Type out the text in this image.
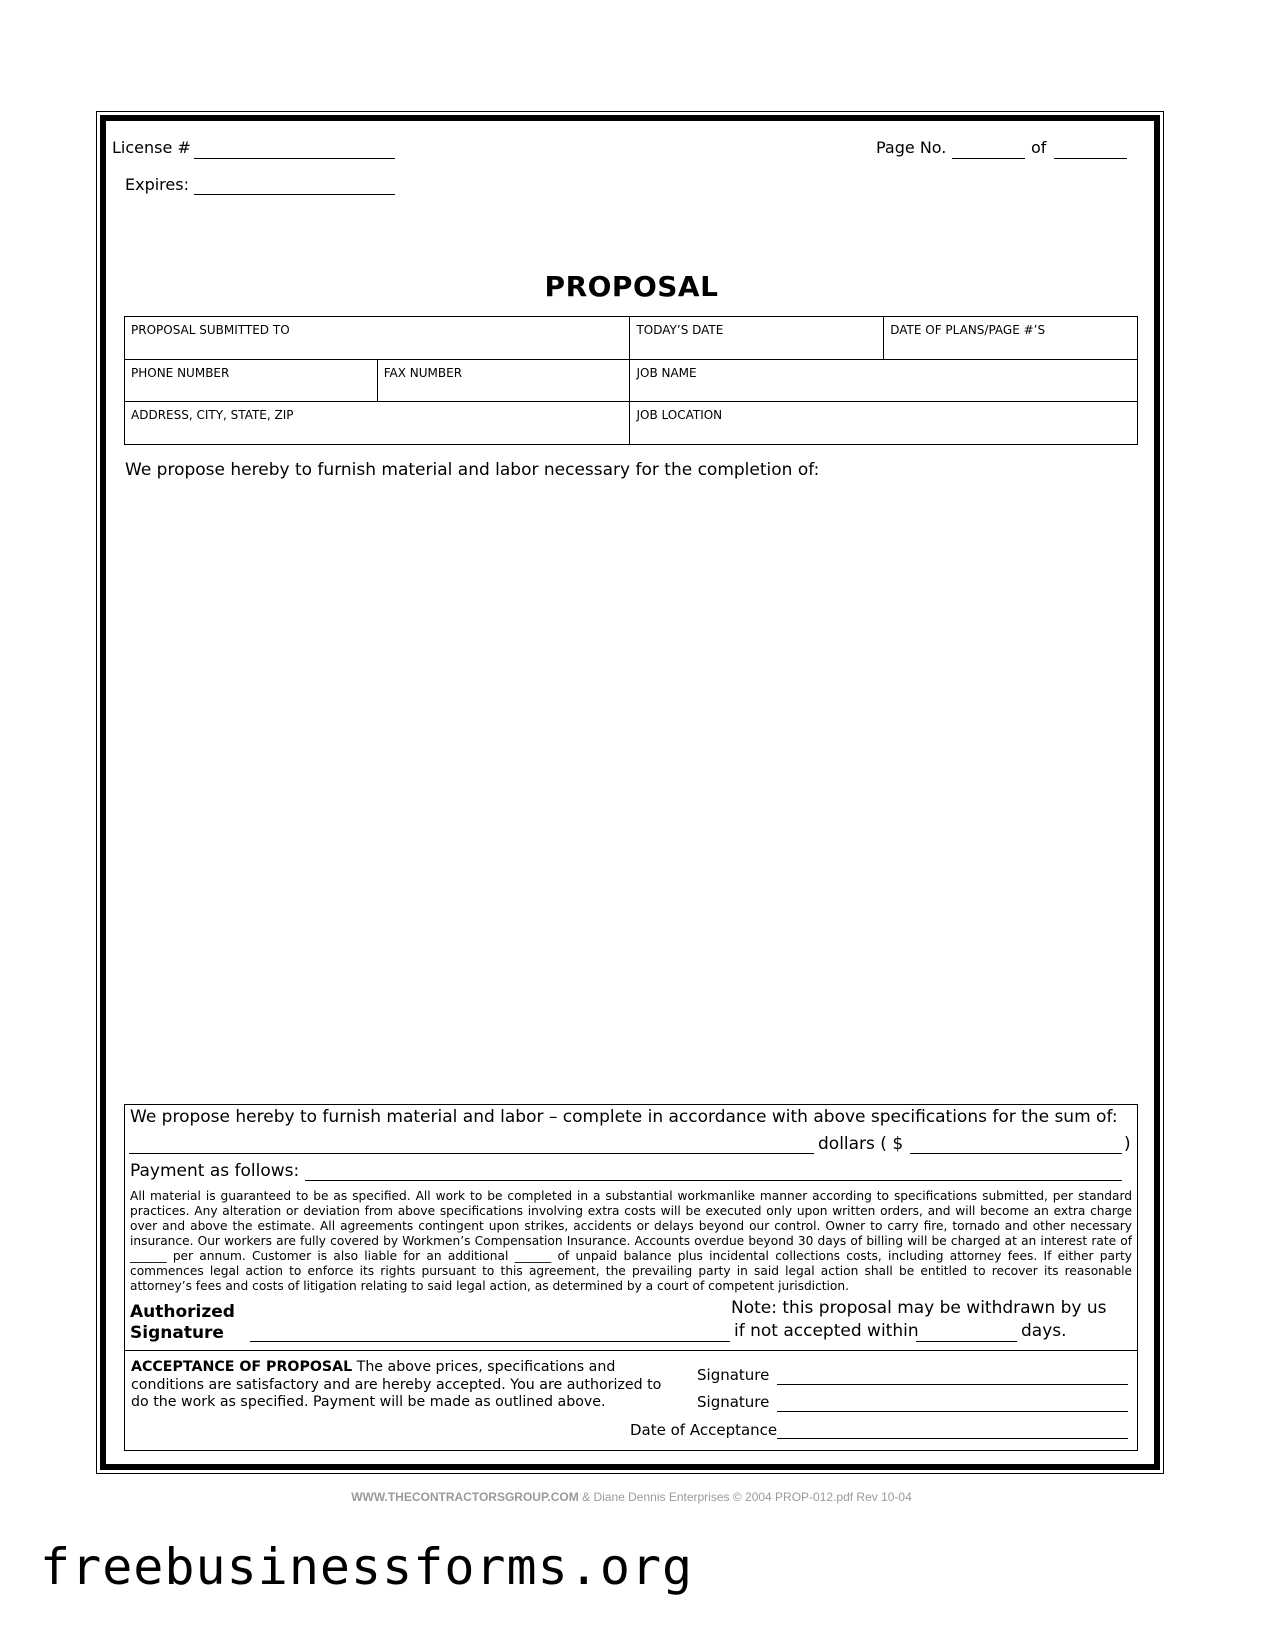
License #
Expires:
Page No.	of
PROPOSAL
PROPOSAL SUBMITTED TO		TODAY’S DATE	DATE OF PLANS/PAGE #’S
PHONE NUMBER	FAX NUMBER	JOB NAME	
ADDRESS, CITY, STATE, ZIP		JOB LOCATION	
We propose hereby to furnish material and labor necessary for the completion of:
We propose hereby to furnish material and labor – complete in accordance with above specifications for the sum of:
dollars ( $	)
Payment as follows:
All material is guaranteed to be as specified. All work to be completed in a substantial workmanlike manner according to specifications submitted, per standard practices. Any alteration or deviation from above specifications involving extra costs will be executed only upon written orders, and will become an extra charge over and above the estimate. All agreements contingent upon strikes, accidents or delays beyond our control. Owner to carry fire, tornado and other necessary insurance. Our workers are fully covered by Workmen’s Compensation Insurance. Accounts overdue beyond 30 days of billing will be charged at an interest rate of ______ per annum. Customer is also liable for an additional ______ of unpaid balance plus incidental collections costs, including attorney fees. If either party commences legal action to enforce its rights pursuant to this agreement, the prevailing party in said legal action shall be entitled to recover its reasonable attorney’s fees and costs of litigation relating to said legal action, as determined by a court of competent jurisdiction.
Authorized
Signature
Note: this proposal may be withdrawn by us
if not accepted within	days.
ACCEPTANCE OF PROPOSAL The above prices, specifications and conditions are satisfactory and are hereby accepted. You are authorized to do the work as specified. Payment will be made as outlined above.
Signature
Signature
Date of Acceptance
WWW.THECONTRACTORSGROUP.COM & Diane Dennis Enterprises © 2004 PROP-012.pdf Rev 10-04
freebusinessforms.org
